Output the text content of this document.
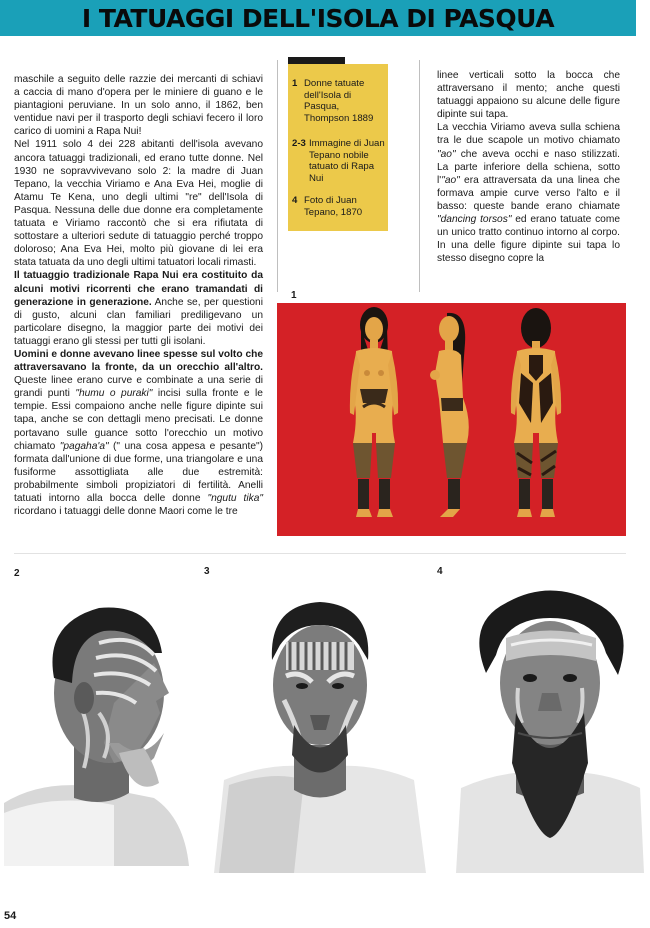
I TATUAGGI DELL'ISOLA DI PASQUA

maschile a seguito delle razzie dei mercanti di schiavi a caccia di mano d'opera per le miniere di guano e le piantagioni peruviane. In un solo anno, il 1862, ben ventidue navi per il trasporto degli schiavi fecero il loro carico di uomini a Rapa Nui!

Nel 1911 solo 4 dei 228 abitanti dell'isola avevano ancora tatuaggi tradizionali, ed erano tutte donne. Nel 1930 ne sopravvivevano solo 2: la madre di Juan Tepano, la vecchia Viriamo e Ana Eva Hei, moglie di Atamu Te Kena, uno degli ultimi "re" dell'Isola di Pasqua. Nessuna delle due donne era completamente tatuata e Viriamo raccontò che si era rifiutata di sottostare a ulteriori sedute di tatuaggio perché troppo doloroso; Ana Eva Hei, molto più giovane di lei era stata tatuata da uno degli ultimi tatuatori locali rimasti.

Il tatuaggio tradizionale Rapa Nui era costituito da alcuni motivi ricorrenti che erano tramandati di generazione in generazione. Anche se, per questioni di gusto, alcuni clan familiari prediligevano un particolare disegno, la maggior parte dei motivi dei tatuaggi erano gli stessi per tutti gli isolani.

Uomini e donne avevano linee spesse sul volto che attraversavano la fronte, da un orecchio all'altro. Queste linee erano curve e combinate a una serie di grandi punti "humu o puraki" incisi sulla fronte e le tempie. Essi compaiono anche nelle figure dipinte sui tapa, anche se con dettagli meno precisati. Le donne portavano sulle guance sotto l'orecchio un motivo chiamato "pagaha'a" (" una cosa appesa e pesante") formata dall'unione di due forme, una triangolare e una fusiforme assottigliata alle due estremità: probabilmente simboli propiziatori di fertilità. Anelli tatuati intorno alla bocca delle donne "ngutu tika" ricordano i tatuaggi delle donne Maori come le tre

1 Donne tatuate dell'Isola di Pasqua, Thompson 1889
2-3 Immagine di Juan Tepano nobile tatuato di Rapa Nui
4 Foto di Juan Tepano, 1870

linee verticali sotto la bocca che attraversano il mento; anche questi tatuaggi appaiono su alcune delle figure dipinte sui tapa.

La vecchia Viriamo aveva sulla schiena tra le due scapole un motivo chiamato "ao" che aveva occhi e naso stilizzati. La parte inferiore della schiena, sotto l'"ao" era attraversata da una linea che formava ampie curve verso l'alto e il basso: queste bande erano chiamate "dancing torsos" ed erano tatuate come un unico tratto continuo intorno al corpo. In una delle figure dipinte sui tapa lo stesso disegno copre la

1
2	3	4
54
